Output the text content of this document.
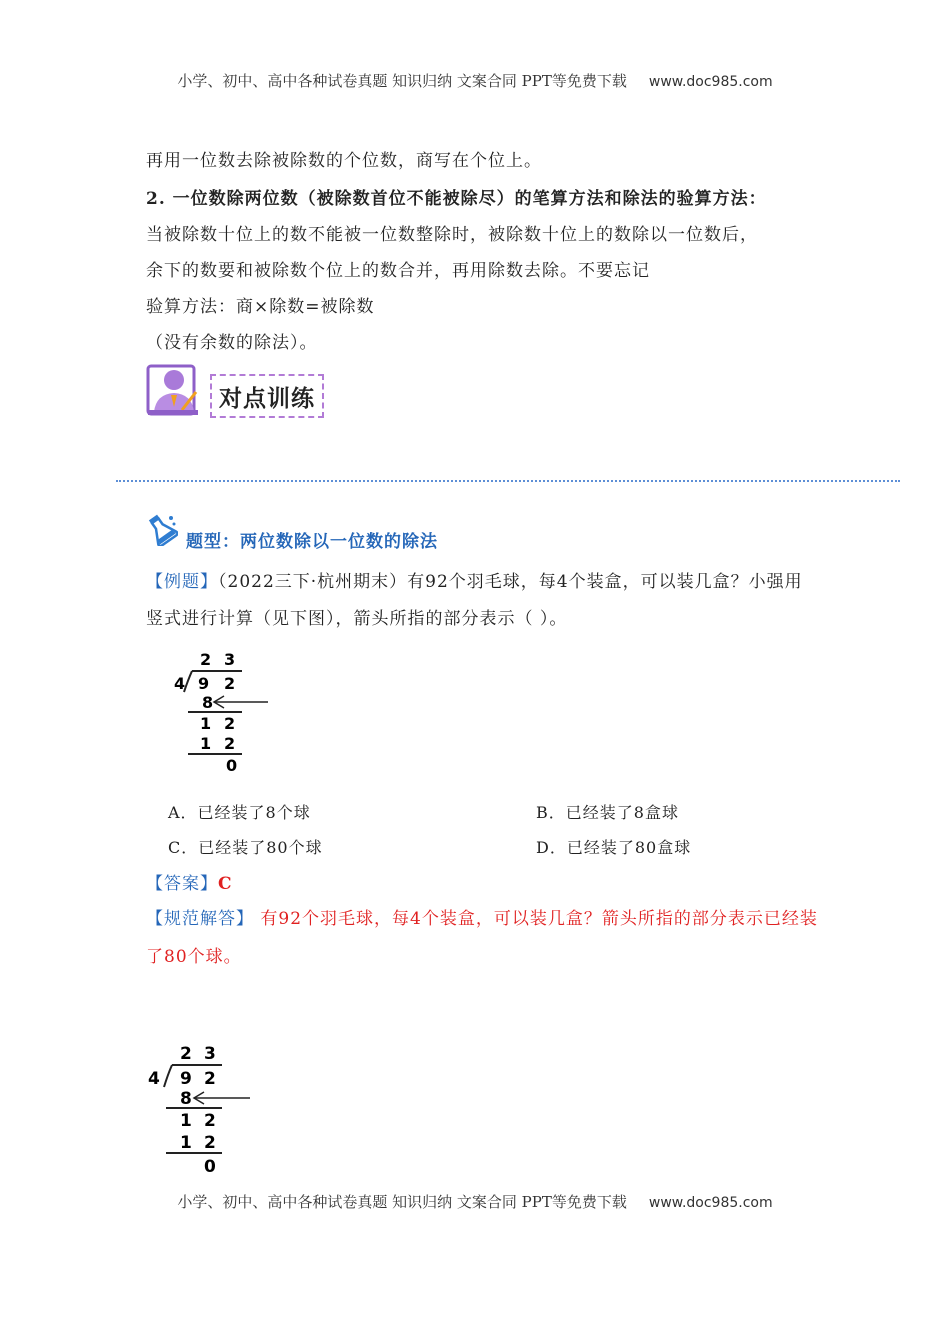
小学、初中、高中各种试卷真题 知识归纳 文案合同 PPT等免费下载 www.doc985.com
再用一位数去除被除数的个位数，商写在个位上。
2. 一位数除两位数（被除数首位不能被除尽）的笔算方法和除法的验算方法：
当被除数十位上的数不能被一位数整除时，被除数十位上的数除以一位数后，
余下的数要和被除数个位上的数合并，再用除数去除。不要忘记
验算方法：商×除数=被除数
（没有余数的除法）。
对点训练
题型：两位数除以一位数的除法
【例题】（2022三下·杭州期末）有92个羽毛球，每4个装盒，可以装几盒？小强用
竖式进行计算（见下图），箭头所指的部分表示（ ）。
2 3
4 9 2
8
1 2
1 2
0
A．已经装了8个球	B．已经装了8盒球
C．已经装了80个球	D．已经装了80盒球
【答案】C
【规范解答】 有92个羽毛球，每4个装盒，可以装几盒？箭头所指的部分表示已经装
了80个球。
2 3
4 9 2
8
1 2
1 2
0
小学、初中、高中各种试卷真题 知识归纳 文案合同 PPT等免费下载 www.doc985.com
